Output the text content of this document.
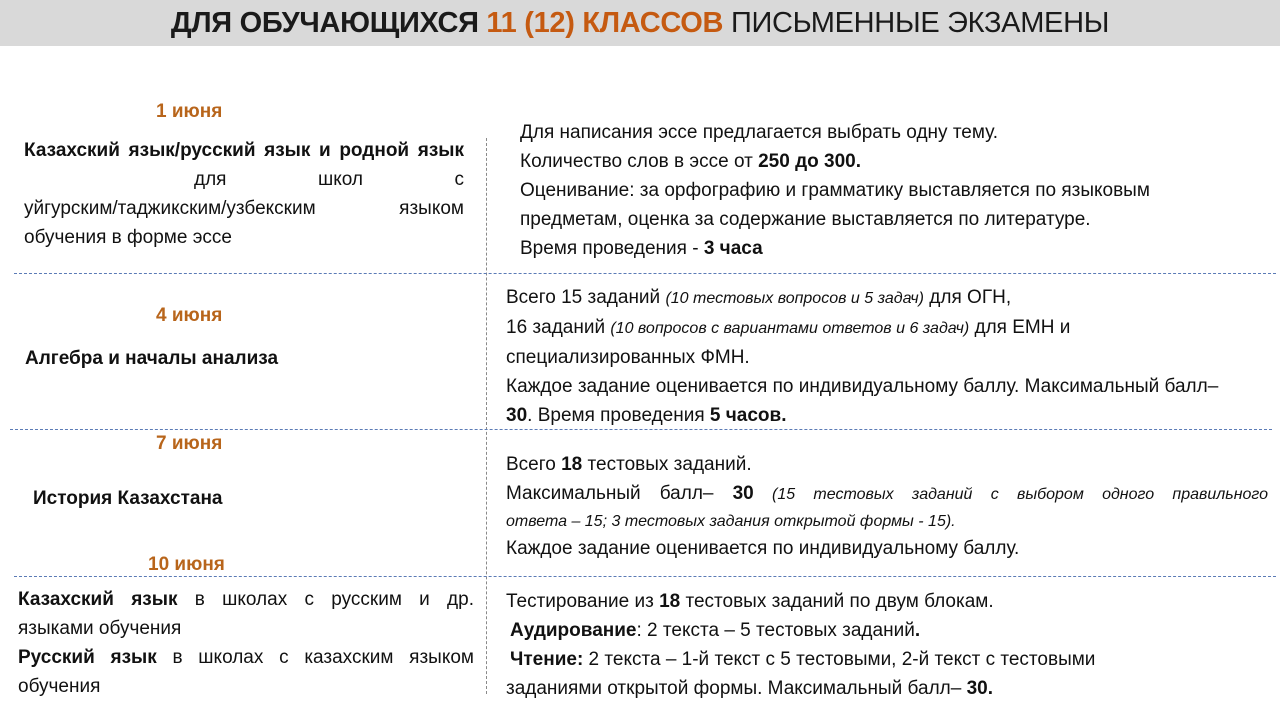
ДЛЯ ОБУЧАЮЩИХСЯ 11 (12) КЛАССОВ ПИСЬМЕННЫЕ ЭКЗАМЕНЫ
1 июня
Казахский язык/русский язык и родной язык
для школ с
уйгурским/таджикским/узбекским языком
обучения в форме эссе

Для написания эссе предлагается выбрать одну тему.

Количество слов в эссе от 250 до 300.

Оценивание: за орфографию и грамматику выставляется по языковым

предметам, оценка за содержание выставляется по литературе.

Время проведения - 3 часа

4 июня
Алгебра и началы анализа

Всего 15 заданий (10 тестовых вопросов и 5 задач) для ОГН,

16 заданий (10 вопросов с вариантами ответов и 6 задач) для ЕМН и

специализированных ФМН.

Каждое задание оценивается по индивидуальному баллу. Максимальный балл–

30. Время проведения 5 часов.

7 июня
История Казахстана

Всего 18 тестовых заданий.

Максимальный балл– 30 (15 тестовых заданий с выбором одного правильного

ответа – 15; 3 тестовых задания открытой формы - 15).

Каждое задание оценивается по индивидуальному баллу.

10 июня
Казахский язык в школах с русским и др.
языками обучения
Русский язык в школах с казахским языком
обучения

Тестирование из 18 тестовых заданий по двум блокам.

Аудирование: 2 текста – 5 тестовых заданий.

Чтение: 2 текста – 1-й текст с 5 тестовыми, 2-й текст с тестовыми

заданиями открытой формы. Максимальный балл– 30.
